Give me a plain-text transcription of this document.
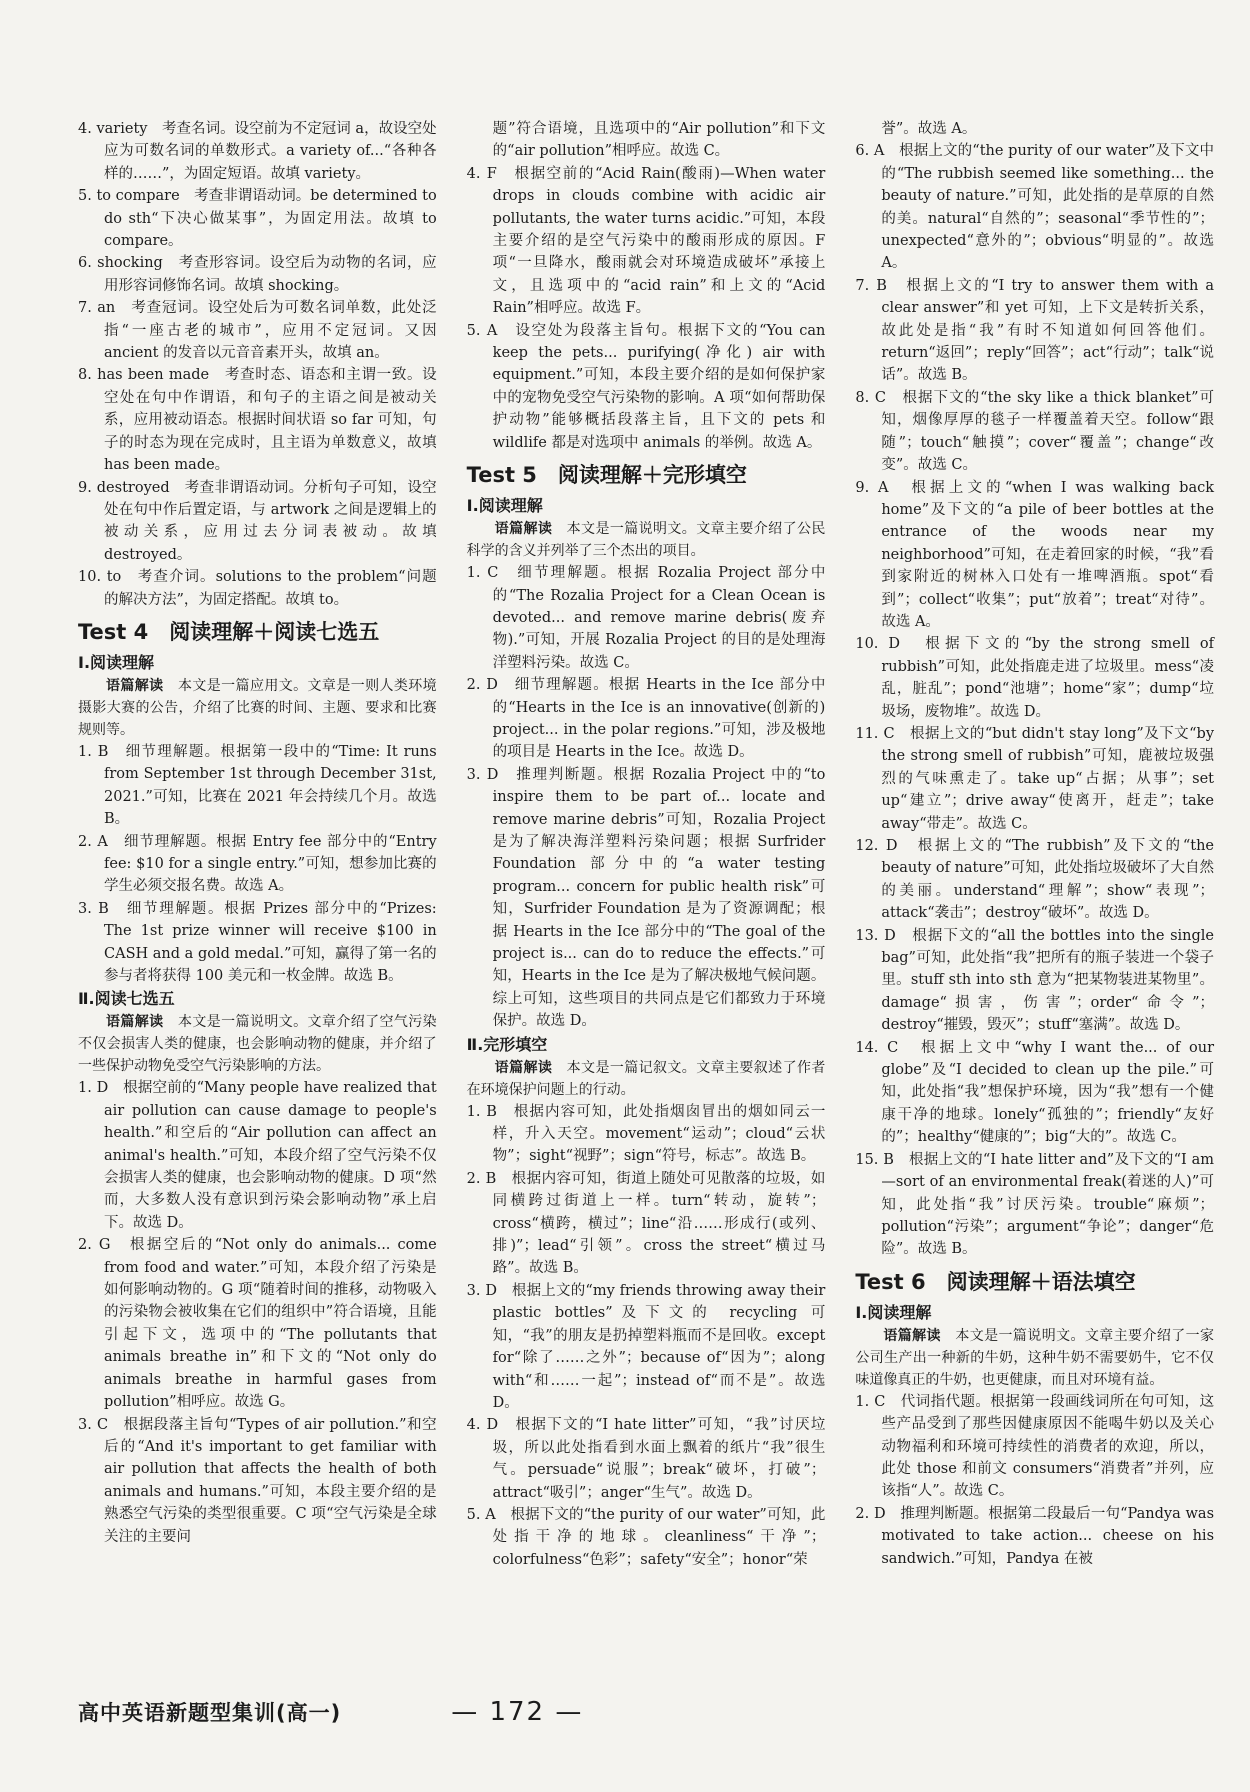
4. variety　考查名词。设空前为不定冠词 a，故设空处应为可数名词的单数形式。a variety of...“各种各样的……”，为固定短语。故填 variety。

5. to compare　考查非谓语动词。be determined to do sth“下决心做某事”，为固定用法。故填 to compare。

6. shocking　考查形容词。设空后为动物的名词，应用形容词修饰名词。故填 shocking。

7. an　考查冠词。设空处后为可数名词单数，此处泛指“一座古老的城市”，应用不定冠词。又因 ancient 的发音以元音音素开头，故填 an。

8. has been made　考查时态、语态和主谓一致。设空处在句中作谓语，和句子的主语之间是被动关系，应用被动语态。根据时间状语 so far 可知，句子的时态为现在完成时，且主语为单数意义，故填 has been made。

9. destroyed　考查非谓语动词。分析句子可知，设空处在句中作后置定语，与 artwork 之间是逻辑上的被动关系，应用过去分词表被动。故填 destroyed。

10. to　考查介词。solutions to the problem“问题的解决方法”，为固定搭配。故填 to。

Test 4　阅读理解＋阅读七选五
Ⅰ.阅读理解

语篇解读　 本文是一篇应用文。文章是一则人类环境摄影大赛的公告，介绍了比赛的时间、主题、要求和比赛规则等。

1. B　细节理解题。根据第一段中的“Time: It runs from September 1st through December 31st, 2021.”可知，比赛在 2021 年会持续几个月。故选 B。

2. A　细节理解题。根据 Entry fee 部分中的“Entry fee: $10 for a single entry.”可知，想参加比赛的学生必须交报名费。故选 A。

3. B　细节理解题。根据 Prizes 部分中的“Prizes: The 1st prize winner will receive $100 in CASH and a gold medal.”可知，赢得了第一名的参与者将获得 100 美元和一枚金牌。故选 B。

Ⅱ.阅读七选五

语篇解读　 本文是一篇说明文。文章介绍了空气污染不仅会损害人类的健康，也会影响动物的健康，并介绍了一些保护动物免受空气污染影响的方法。

1. D　根据空前的“Many people have realized that air pollution can cause damage to people's health.”和空后的“Air pollution can affect an animal's health.”可知，本段介绍了空气污染不仅会损害人类的健康，也会影响动物的健康。D 项“然而，大多数人没有意识到污染会影响动物”承上启下。故选 D。

2. G　根据空后的“Not only do animals... come from food and water.”可知，本段介绍了污染是如何影响动物的。G 项“随着时间的推移，动物吸入的污染物会被收集在它们的组织中”符合语境，且能引起下文，选项中的“The pollutants that animals breathe in”和下文的“Not only do animals breathe in harmful gases from pollution”相呼应。故选 G。

3. C　根据段落主旨句“Types of air pollution.”和空后的“And it's important to get familiar with air pollution that affects the health of both animals and humans.”可知，本段主要介绍的是熟悉空气污染的类型很重要。C 项“空气污染是全球关注的主要问

题”符合语境，且选项中的“Air pollution”和下文的“air pollution”相呼应。故选 C。

4. F　根据空前的“Acid Rain(酸雨)—When water drops in clouds combine with acidic air pollutants, the water turns acidic.”可知，本段主要介绍的是空气污染中的酸雨形成的原因。F 项“一旦降水，酸雨就会对环境造成破坏”承接上文，且选项中的“acid rain”和上文的“Acid Rain”相呼应。故选 F。

5. A　设空处为段落主旨句。根据下文的“You can keep the pets... purifying(净化) air with equipment.”可知，本段主要介绍的是如何保护家中的宠物免受空气污染物的影响。A 项“如何帮助保护动物”能够概括段落主旨，且下文的 pets 和 wildlife 都是对选项中 animals 的举例。故选 A。

Test 5　阅读理解＋完形填空
Ⅰ.阅读理解

语篇解读　 本文是一篇说明文。文章主要介绍了公民科学的含义并列举了三个杰出的项目。

1. C　细节理解题。根据 Rozalia Project 部分中的“The Rozalia Project for a Clean Ocean is devoted... and remove marine debris(废弃物).”可知，开展 Rozalia Project 的目的是处理海洋塑料污染。故选 C。

2. D　细节理解题。根据 Hearts in the Ice 部分中的“Hearts in the Ice is an innovative(创新的) project... in the polar regions.”可知，涉及极地的项目是 Hearts in the Ice。故选 D。

3. D　推理判断题。根据 Rozalia Project 中的“to inspire them to be part of... locate and remove marine debris”可知，Rozalia Project 是为了解决海洋塑料污染问题；根据 Surfrider Foundation 部分中的“a water testing program... concern for public health risk”可知，Surfrider Foundation 是为了资源调配；根据 Hearts in the Ice 部分中的“The goal of the project is... can do to reduce the effects.”可知，Hearts in the Ice 是为了解决极地气候问题。综上可知，这些项目的共同点是它们都致力于环境保护。故选 D。

Ⅱ.完形填空

语篇解读　 本文是一篇记叙文。文章主要叙述了作者在环境保护问题上的行动。

1. B　根据内容可知，此处指烟囱冒出的烟如同云一样，升入天空。movement“运动”；cloud“云状物”；sight“视野”；sign“符号，标志”。故选 B。

2. B　根据内容可知，街道上随处可见散落的垃圾，如同横跨过街道上一样。turn“转动，旋转”；cross“横跨，横过”；line“沿……形成行(或列、排)”；lead“引领”。cross the street“横过马路”。故选 B。

3. D　根据上文的“my friends throwing away their plastic bottles”及下文的 recycling 可知，“我”的朋友是扔掉塑料瓶而不是回收。except for“除了……之外”；because of“因为”；along with“和……一起”；instead of“而不是”。故选 D。

4. D　根据下文的“I hate litter”可知，“我”讨厌垃圾，所以此处指看到水面上飘着的纸片“我”很生气。persuade“说服”；break“破坏，打破”；attract“吸引”；anger“生气”。故选 D。

5. A　根据下文的“the purity of our water”可知，此处指干净的地球。cleanliness“干净”；colorfulness“色彩”；safety“安全”；honor“荣

誉”。故选 A。

6. A　根据上文的“the purity of our water”及下文中的“The rubbish seemed like something... the beauty of nature.”可知，此处指的是草原的自然的美。natural“自然的”；seasonal“季节性的”；unexpected“意外的”；obvious“明显的”。故选 A。

7. B　根据上文的“I try to answer them with a clear answer”和 yet 可知，上下文是转折关系，故此处是指“我”有时不知道如何回答他们。return“返回”；reply“回答”；act“行动”；talk“说话”。故选 B。

8. C　根据下文的“the sky like a thick blanket”可知，烟像厚厚的毯子一样覆盖着天空。follow“跟随”；touch“触摸”；cover“覆盖”；change“改变”。故选 C。

9. A　根据上文的“when I was walking back home”及下文的“a pile of beer bottles at the entrance of the woods near my neighborhood”可知，在走着回家的时候，“我”看到家附近的树林入口处有一堆啤酒瓶。spot“看到”；collect“收集”；put“放着”；treat“对待”。故选 A。

10. D　根据下文的“by the strong smell of rubbish”可知，此处指鹿走进了垃圾里。mess“凌乱，脏乱”；pond“池塘”；home“家”；dump“垃圾场，废物堆”。故选 D。

11. C　根据上文的“but didn't stay long”及下文“by the strong smell of rubbish”可知，鹿被垃圾强烈的气味熏走了。take up“占据；从事”；set up“建立”；drive away“使离开，赶走”；take away“带走”。故选 C。

12. D　根据上文的“The rubbish”及下文的“the beauty of nature”可知，此处指垃圾破坏了大自然的美丽。understand“理解”；show“表现”；attack“袭击”；destroy“破坏”。故选 D。

13. D　根据下文的“all the bottles into the single bag”可知，此处指“我”把所有的瓶子装进一个袋子里。stuff sth into sth 意为“把某物装进某物里”。damage“损害，伤害”；order“命令”；destroy“摧毁，毁灭”；stuff“塞满”。故选 D。

14. C　根据上文中“why I want the... of our globe”及“I decided to clean up the pile.”可知，此处指“我”想保护环境，因为“我”想有一个健康干净的地球。lonely“孤独的”；friendly“友好的”；healthy“健康的”；big“大的”。故选 C。

15. B　根据上文的“I hate litter and”及下文的“I am—sort of an environmental freak(着迷的人)”可知，此处指“我”讨厌污染。trouble“麻烦”；pollution“污染”；argument“争论”；danger“危险”。故选 B。

Test 6　阅读理解＋语法填空
Ⅰ.阅读理解

语篇解读　 本文是一篇说明文。文章主要介绍了一家公司生产出一种新的牛奶，这种牛奶不需要奶牛，它不仅味道像真正的牛奶，也更健康，而且对环境有益。

1. C　代词指代题。根据第一段画线词所在句可知，这些产品受到了那些因健康原因不能喝牛奶以及关心动物福利和环境可持续性的消费者的欢迎，所以，此处 those 和前文 consumers“消费者”并列，应该指“人”。故选 C。

2. D　推理判断题。根据第二段最后一句“Pandya was motivated to take action... cheese on his sandwich.”可知，Pandya 在被

高中英语新题型集训(高一)	— 172 —
